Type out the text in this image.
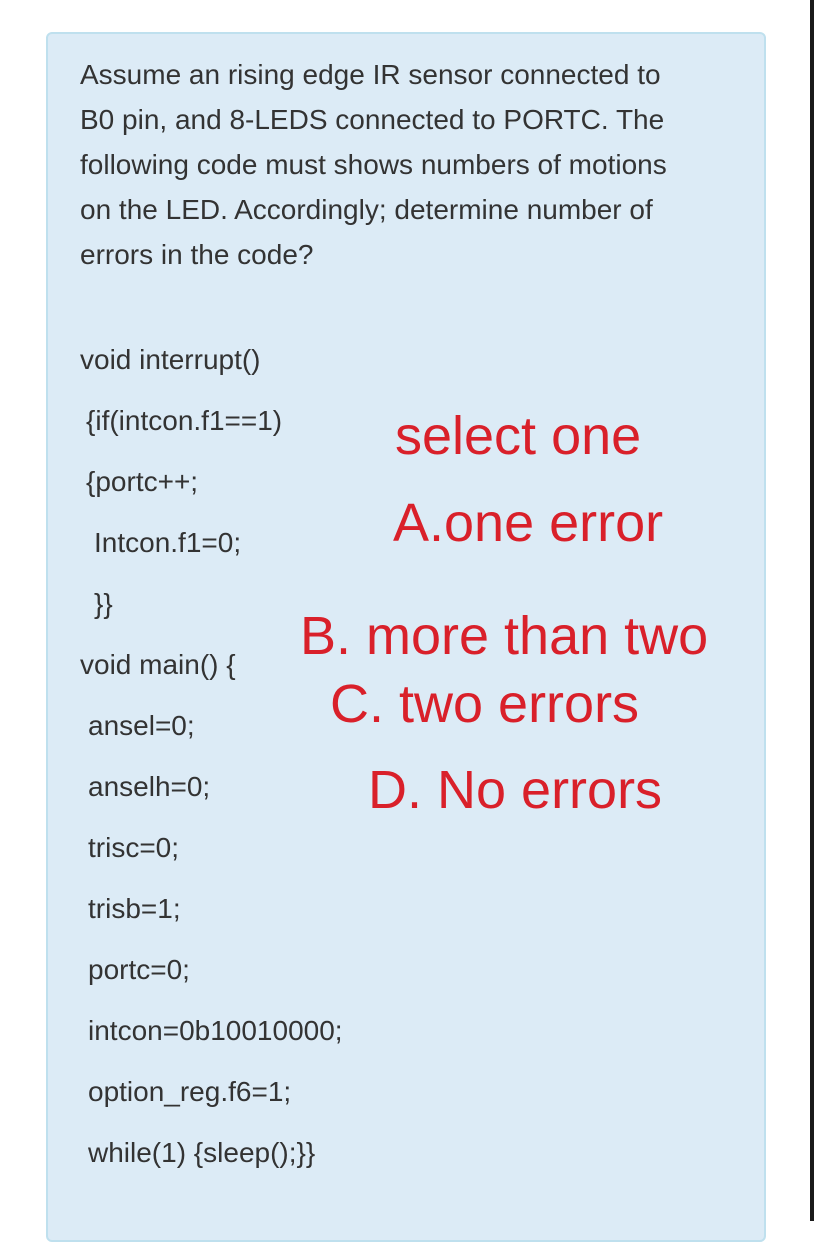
Assume an rising edge IR sensor connected to B0 pin, and 8-LEDS connected to PORTC. The following code must shows numbers of motions on the LED. Accordingly; determine number of errors in the code?

void interrupt()

{if(intcon.f1==1)

{portc++;

Intcon.f1=0;

}}

void main() {

ansel=0;

anselh=0;

trisc=0;

trisb=1;

portc=0;

intcon=0b10010000;

option_reg.f6=1;

while(1) {sleep();}}

select one

A.one error

B. more than two

C. two errors

D. No errors
